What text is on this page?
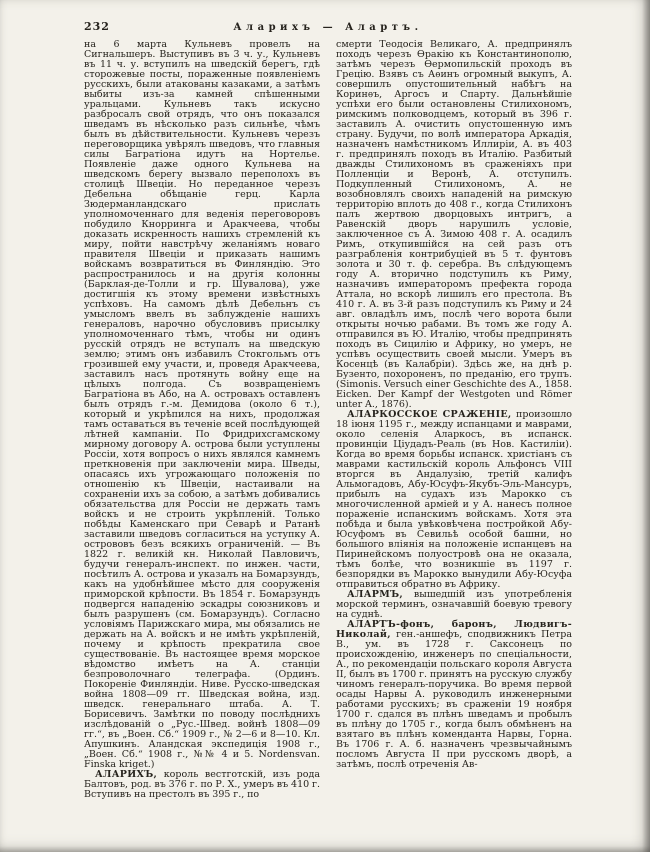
232	Аларихъ — Алартъ.

на 6 марта Кульневъ провелъ на Сигнальшеръ. Выступивъ въ 3 ч. у., Кульневъ въ 11 ч. у. вступилъ на шведскій берегъ, гдѣ сторожевые посты, пораженные появленіемъ русскихъ, были атакованы казаками, а затѣмъ выбиты изъ-за камней спѣшенными уральцами. Кульневъ такъ искусно разбросалъ свой отрядъ, что онъ показался шведамъ въ нѣсколько разъ сильнѣе, чѣмъ былъ въ дѣйствительности. Кульневъ черезъ переговорщика увѣрялъ шведовъ, что главныя силы Багратіона идутъ на Нортелье. Появленіе даже одного Кульнева на шведскомъ берегу вызвало переполохъ въ столицѣ Швеціи. Но переданное черезъ Дебельна обѣщаніе герц. Карла Зюдерманландскаго прислать уполномоченнаго для веденія переговоровъ побудило Кнорринга и Аракчеева, чтобы доказать искренность нашихъ стремленій къ миру, пойти навстрѣчу желаніямъ новаго правителя Швеціи и приказать нашимъ войскамъ возвратиться въ Финляндію. Это распространилось и на другія колонны (Барклая-де-Толли и гр. Шувалова), уже достигшія къ этому времени извѣстныхъ успѣховъ. На самомъ дѣлѣ Дебельнъ съ умысломъ ввелъ въ заблужденіе нашихъ генераловъ, нарочно обусловивъ присылку уполномоченнаго тѣмъ, чтобы ни одинъ русскій отрядъ не вступалъ на шведскую землю; этимъ онъ избавилъ Стокгольмъ отъ грозившей ему участи, и, проведя Аракчеева, заставилъ насъ протянуть войну еще на цѣлыхъ полгода. Съ возвращеніемъ Багратіона въ Або, на А. островахъ оставленъ былъ отрядъ г.-м. Демидова (около 6 т.), который и укрѣпился на нихъ, продолжая тамъ оставаться въ теченіе всей послѣдующей лѣтней кампаніи. По Фридрихсгамскому мирному договору А. острова были уступлены Россіи, хотя вопросъ о нихъ являлся камнемъ преткновенія при заключеніи мира. Шведы, опасаясь ихъ угрожающаго положенія по отношенію къ Швеціи, настаивали на сохраненіи ихъ за собою, а затѣмъ добивались обязательства для Россіи не держать тамъ войскъ и не строить укрѣпленій. Только побѣды Каменскаго при Севарѣ и Ратанѣ заставили шведовъ согласиться на уступку А. острововъ безъ всякихъ ограниченій. — Въ 1822 г. великій кн. Николай Павловичъ, будучи генералъ-инспект. по инжен. части, посѣтилъ А. острова и указалъ на Бомарзундъ, какъ на удобнѣйшее мѣсто для сооруженія приморской крѣпости. Въ 1854 г. Бомарзундъ подвергся нападенію эскадры союзниковъ и былъ разрушенъ (см. Бомарзундъ). Согласно условіямъ Парижскаго мира, мы обязались не держать на А. войскъ и не имѣть укрѣпленій, почему и крѣпость прекратила свое существованіе. Въ настоящее время морское вѣдомство имѣетъ на А. станціи безпроволочнаго телеграфа. (Ординъ. Покореніе Финляндіи. Ниве. Русско-шведская война 1808—09 гг. Шведская война, изд. шведск. генеральнаго штаба. А. Т. Борисевичъ. Замѣтки по поводу послѣднихъ изслѣдованій о „Рус.-Швед. войнѣ 1808—09 гг.“, въ „Воен. Сб.“ 1909 г., № 2—6 и 8—10. Кл. Апушкинъ. Аландская экспедиція 1908 г., „Воен. Сб.“ 1908 г., №№ 4 и 5. Nordensvan. Finska kriget.)

АЛАРИХЪ, король вестготскій, изъ рода Балтовъ, род. въ 376 г. по Р. Х., умеръ въ 410 г. Вступивъ на престолъ въ 395 г., по

смерти Теодосія Великаго, А. предпринялъ походъ черезъ Ѳракію къ Константинополю, затѣмъ черезъ Ѳермопильскій проходъ въ Грецію. Взявъ съ Аѳинъ огромный выкупъ, А. совершилъ опустошительный набѣгъ на Коринѳъ, Аргосъ и Спарту. Дальнѣйшіе успѣхи его были остановлены Стилихономъ, римскимъ полководцемъ, который въ 396 г. заставилъ А. очистить опустошенную имъ страну. Будучи, по волѣ императора Аркадія, назначенъ намѣстникомъ Иллиріи, А. въ 403 г. предпринялъ походъ въ Италію. Разбитый дважды Стилихономъ въ сраженіяхъ при Полленціи и Веронѣ, А. отступилъ. Подкупленный Стилихономъ, А. не возобновлялъ своихъ нападеній на римскую территорію вплоть до 408 г., когда Стилихонъ палъ жертвою дворцовыхъ интригъ, а Равенскій дворъ нарушилъ условіе, заключенное съ А. Зимою 408 г. А. осадилъ Римъ, откупившійся на сей разъ отъ разграбленія контрибуціей въ 5 т. фунтовъ золота и 30 т. ф. серебра. Въ слѣдующемъ году А. вторично подступилъ къ Риму, назначивъ императоромъ префекта города Аттала, но вскорѣ лишилъ его престола. Въ 410 г. А. въ 3-й разъ подступилъ къ Риму и 24 авг. овладѣлъ имъ, послѣ чего ворота были открыты ночью рабами. Въ томъ же году А. отправился въ Ю. Италію, чтобы предпринять походъ въ Сицилію и Африку, но умеръ, не успѣвъ осуществить своей мысли. Умеръ въ Косенцѣ (въ Калабріи). Здѣсь же, на днѣ р. Бузенто, похороненъ, по преданію, его трупъ. (Simonis. Versuch einer Geschichte des A., 1858. Eicken. Der Kampf der Westgoten und Römer unter A., 1876).

АЛАРКОССКОЕ СРАЖЕНІЕ, произошло 18 іюня 1195 г., между испанцами и маврами, около селенія Аларкосъ, въ испанск. провинціи Ціудадъ-Реаль (въ Нов. Кастиліи). Когда во время борьбы испанск. христіанъ съ маврами кастильскій король Альфонсъ VIII вторгся въ Андалузію, третій калифъ Альмогадовъ, Абу-Юсуфъ-Якубъ-Эль-Мансуръ, прибылъ на судахъ изъ Марокко съ многочисленной арміей и у А. нанесъ полное пораженіе испанскимъ войскамъ. Хотя эта побѣда и была увѣковѣчена постройкой Абу-Юсуфомъ въ Севильѣ особой башни, но большого вліянія на положеніе испанцевъ на Пиринейскомъ полуостровѣ она не оказала, тѣмъ болѣе, что возникшіе въ 1197 г. безпорядки въ Марокко вынудили Абу-Юсуфа отправиться обратно въ Африку.

АЛАРМЪ, вышедшій изъ употребленія морской терминъ, означавшій боевую тревогу на суднѣ.

АЛАРТЪ-фонъ, баронъ, Людвигъ-Николай, ген.-аншефъ, сподвижникъ Петра В., ум. въ 1728 г. Саксонецъ по происхожденію, инженеръ по спеціальности, А., по рекомендаціи польскаго короля Августа II, былъ въ 1700 г. принятъ на русскую службу чиномъ генералъ-поручика. Во время первой осады Нарвы А. руководилъ инженерными работами русскихъ; въ сраженіи 19 ноября 1700 г. сдался въ плѣнъ шведамъ и пробылъ въ плѣну до 1705 г., когда былъ обмѣненъ на взятаго въ плѣнъ коменданта Нарвы, Горна. Въ 1706 г. А. б. назначенъ чрезвычайнымъ посломъ Августа II при русскомъ дворѣ, а затѣмъ, послѣ отреченія Ав-
